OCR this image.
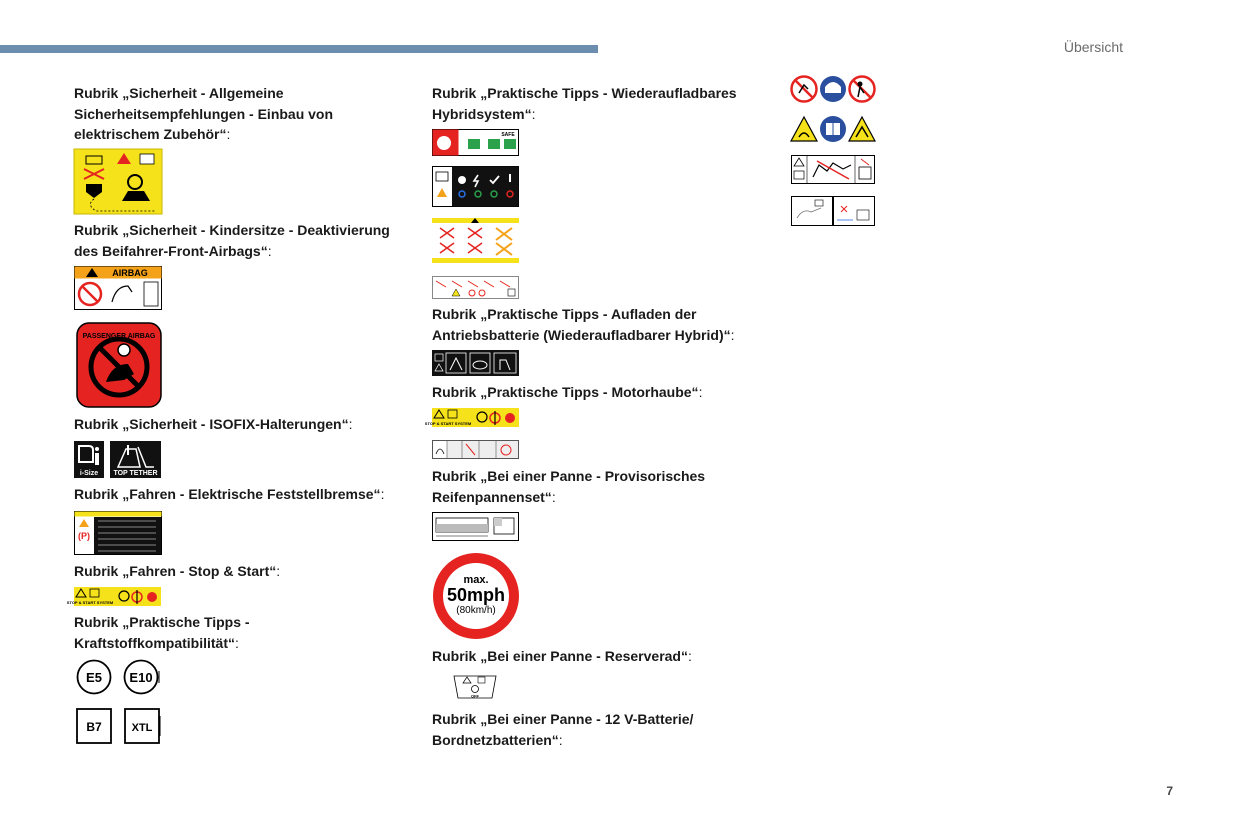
Übersicht
7

Rubrik „Sicherheit - Allgemeine Sicherheitsempfehlungen - Einbau von elektrischem Zubehör“:

Rubrik „Sicherheit - Kindersitze - Deaktivierung des Beifahrer-Front-Airbags“:

AIRBAG
PASSENGER AIRBAG

Rubrik „Sicherheit - ISOFIX-Halterungen“:

i-Size TOP TETHER

Rubrik „Fahren - Elektrische Feststellbremse“:

(P)

Rubrik „Fahren - Stop & Start“:

STOP & START SYSTEM

Rubrik „Praktische Tipps - Kraftstoffkompatibilität“:

E5 E10
B7	XTL

Rubrik „Praktische Tipps - Wiederaufladbares Hybridsystem“:

SAFE

Rubrik „Praktische Tipps - Aufladen der Antriebsbatterie (Wiederaufladbarer Hybrid)“:

Rubrik „Praktische Tipps - Motorhaube“:

STOP & START SYSTEM

Rubrik „Bei einer Panne - Provisorisches Reifenpannenset“:

max.
50mph
(80km/h)

Rubrik „Bei einer Panne - Reserverad“:

OFF

Rubrik „Bei einer Panne - 12 V-Batterie/ Bordnetzbatterien“:
